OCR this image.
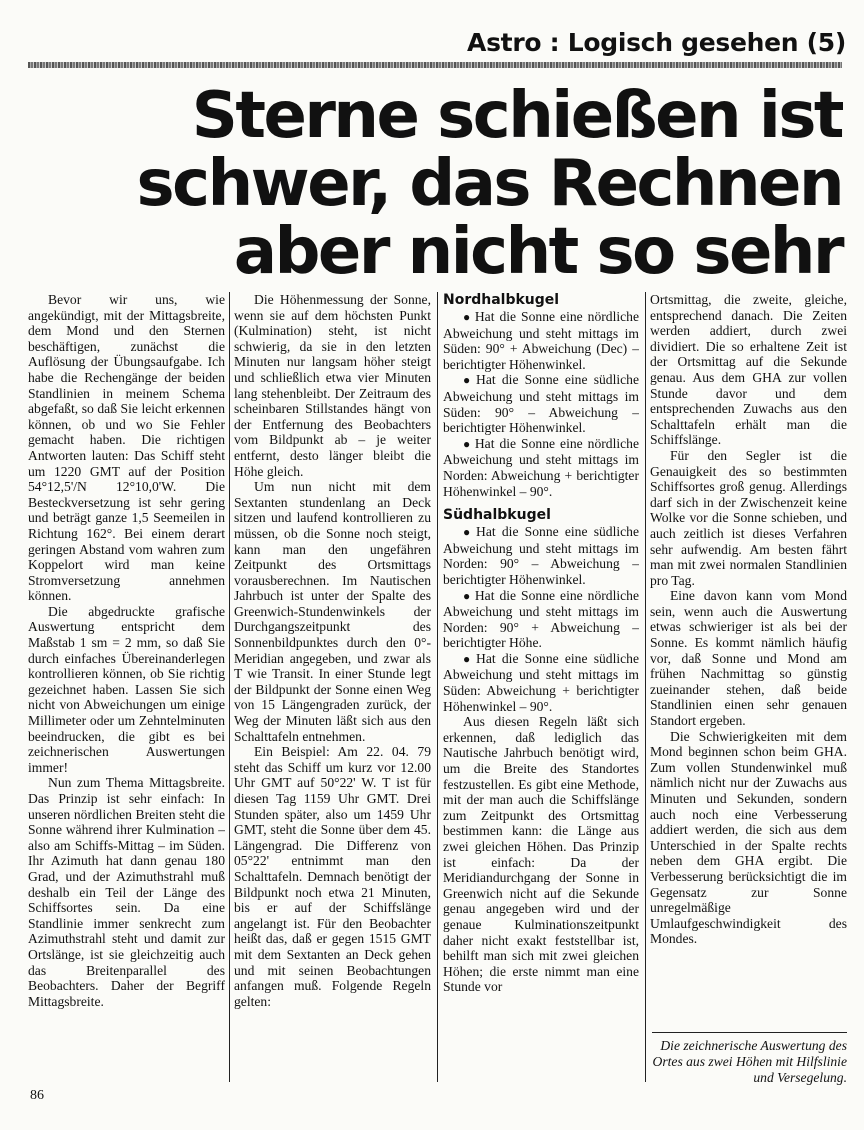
Astro : Logisch gesehen (5)
Sterne schießen ist
schwer, das Rechnen
aber nicht so sehr

Bevor wir uns, wie angekündigt, mit der Mittagsbreite, dem Mond und den Sternen beschäftigen, zunächst die Auflösung der Übungsaufgabe. Ich habe die Rechengänge der beiden Standlinien in meinem Schema abgefaßt, so daß Sie leicht erkennen können, ob und wo Sie Fehler gemacht haben. Die richtigen Antworten lauten: Das Schiff steht um 1220 GMT auf der Position 54°12,5'/N 12°10,0'W. Die Besteckversetzung ist sehr gering und beträgt ganze 1,5 Seemeilen in Richtung 162°. Bei einem derart geringen Abstand vom wahren zum Koppelort wird man keine Stromversetzung annehmen können.

Die abgedruckte grafische Auswertung entspricht dem Maßstab 1 sm = 2 mm, so daß Sie durch einfaches Übereinanderlegen kontrollieren können, ob Sie richtig gezeichnet haben. Lassen Sie sich nicht von Abweichungen um einige Millimeter oder um Zehntelminuten beeindrucken, die gibt es bei zeichnerischen Auswertungen immer!

Nun zum Thema Mittagsbreite. Das Prinzip ist sehr einfach: In unseren nördlichen Breiten steht die Sonne während ihrer Kulmination – also am Schiffs-Mittag – im Süden. Ihr Azimuth hat dann genau 180 Grad, und der Azimuthstrahl muß deshalb ein Teil der Länge des Schiffsortes sein. Da eine Standlinie immer senkrecht zum Azimuthstrahl steht und damit zur Ortslänge, ist sie gleichzeitig auch das Breitenparallel des Beobachters. Daher der Begriff Mittagsbreite.

Die Höhenmessung der Sonne, wenn sie auf dem höchsten Punkt (Kulmination) steht, ist nicht schwierig, da sie in den letzten Minuten nur langsam höher steigt und schließlich etwa vier Minuten lang stehenbleibt. Der Zeitraum des scheinbaren Stillstandes hängt von der Entfernung des Beobachters vom Bildpunkt ab – je weiter entfernt, desto länger bleibt die Höhe gleich.

Um nun nicht mit dem Sextanten stundenlang an Deck sitzen und laufend kontrollieren zu müssen, ob die Sonne noch steigt, kann man den ungefähren Zeitpunkt des Ortsmittags vorausberechnen. Im Nautischen Jahrbuch ist unter der Spalte des Greenwich-Stundenwinkels der Durchgangszeitpunkt des Sonnenbildpunktes durch den 0°-Meridian angegeben, und zwar als T wie Transit. In einer Stunde legt der Bildpunkt der Sonne einen Weg von 15 Längengraden zurück, der Weg der Minuten läßt sich aus den Schalttafeln entnehmen.

Ein Beispiel: Am 22. 04. 79 steht das Schiff um kurz vor 12.00 Uhr GMT auf 50°22' W. T ist für diesen Tag 1159 Uhr GMT. Drei Stunden später, also um 1459 Uhr GMT, steht die Sonne über dem 45. Längengrad. Die Differenz von 05°22' entnimmt man den Schalttafeln. Demnach benötigt der Bildpunkt noch etwa 21 Minuten, bis er auf der Schiffslänge angelangt ist. Für den Beobachter heißt das, daß er gegen 1515 GMT mit dem Sextanten an Deck gehen und mit seinen Beobachtungen anfangen muß. Folgende Regeln gelten:

Nordhalbkugel

● Hat die Sonne eine nördliche Abweichung und steht mittags im Süden: 90° + Abweichung (Dec) – berichtigter Höhenwinkel.

● Hat die Sonne eine südliche Abweichung und steht mittags im Süden: 90° – Abweichung – berichtigter Höhenwinkel.

● Hat die Sonne eine nördliche Abweichung und steht mittags im Norden: Abweichung + berichtigter Höhenwinkel – 90°.

Südhalbkugel

● Hat die Sonne eine südliche Abweichung und steht mittags im Norden: 90° – Abweichung – berichtigter Höhenwinkel.

● Hat die Sonne eine nördliche Abweichung und steht mittags im Norden: 90° + Abweichung – berichtigter Höhe.

● Hat die Sonne eine südliche Abweichung und steht mittags im Süden: Abweichung + berichtigter Höhenwinkel – 90°.

Aus diesen Regeln läßt sich erkennen, daß lediglich das Nautische Jahrbuch benötigt wird, um die Breite des Standortes festzustellen. Es gibt eine Methode, mit der man auch die Schiffslänge zum Zeitpunkt des Ortsmittag bestimmen kann: die Länge aus zwei gleichen Höhen. Das Prinzip ist einfach: Da der Meridiandurchgang der Sonne in Greenwich nicht auf die Sekunde genau angegeben wird und der genaue Kulminationszeitpunkt daher nicht exakt feststellbar ist, behilft man sich mit zwei gleichen Höhen; die erste nimmt man eine Stunde vor

Ortsmittag, die zweite, gleiche, entsprechend danach. Die Zeiten werden addiert, durch zwei dividiert. Die so erhaltene Zeit ist der Ortsmittag auf die Sekunde genau. Aus dem GHA zur vollen Stunde davor und dem entsprechenden Zuwachs aus den Schalttafeln erhält man die Schiffslänge.

Für den Segler ist die Genauigkeit des so bestimmten Schiffsortes groß genug. Allerdings darf sich in der Zwischenzeit keine Wolke vor die Sonne schieben, und auch zeitlich ist dieses Verfahren sehr aufwendig. Am besten fährt man mit zwei normalen Standlinien pro Tag.

Eine davon kann vom Mond sein, wenn auch die Auswertung etwas schwieriger ist als bei der Sonne. Es kommt nämlich häufig vor, daß Sonne und Mond am frühen Nachmittag so günstig zueinander stehen, daß beide Standlinien einen sehr genauen Standort ergeben.

Die Schwierigkeiten mit dem Mond beginnen schon beim GHA. Zum vollen Stundenwinkel muß nämlich nicht nur der Zuwachs aus Minuten und Sekunden, sondern auch noch eine Verbesserung addiert werden, die sich aus dem Unterschied in der Spalte rechts neben dem GHA ergibt. Die Verbesserung berücksichtigt die im Gegensatz zur Sonne unregelmäßige Umlaufgeschwindigkeit des Mondes.

Die zeichnerische Auswertung des Ortes aus zwei Höhen mit Hilfslinie und Versegelung.

86
